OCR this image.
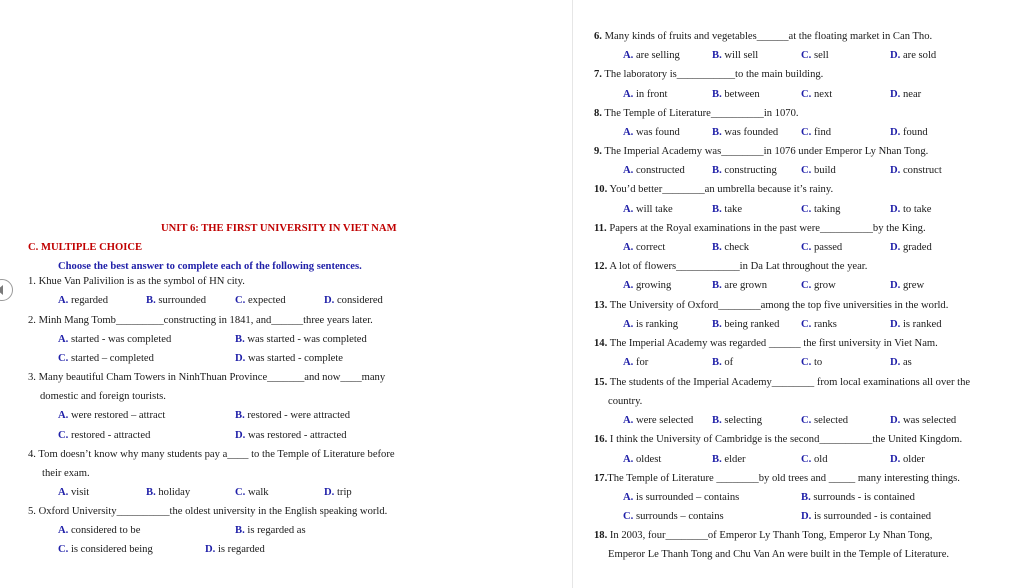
UNIT 6: THE FIRST UNIVERSITY IN VIET NAM
C. MULTIPLE CHOICE
Choose the best answer to complete each of the following sentences.
1. Khue Van Palivilion is as the symbol of HN city.
A. regarded	B. surrounded	C. expected	D. considered
2. Minh Mang Tomb_________constructing in 1841, and______three years later.
A. started - was completed	B. was started - was completed
C. started – completed	D. was started - complete
3. Many beautiful Cham Towers in NinhThuan Province_______and now____many
domestic and foreign tourists.
A. were restored – attract	B. restored - were attracted
C. restored - attracted	D. was restored - attracted
4. Tom doesn’t know why many students pay a____ to the Temple of Literature before
their exam.
A. visit	B. holiday	C. walk	D. trip
5. Oxford University__________the oldest university in the English speaking world.
A. considered to be	B. is regarded as
C. is considered being	D. is regarded
6. Many kinds of fruits and vegetables______at the floating market in Can Tho.
A. are selling	B. will sell	C. sell	D. are sold
7. The laboratory is___________to the main building.
A. in front	B. between	C. next	D. near
8. The Temple of Literature__________in 1070.
A. was found	B. was founded C. find	D. found
9. The Imperial Academy was________in 1076 under Emperor Ly Nhan Tong.
A. constructed	B. constructing C. build	D. construct
10. You’d better________an umbrella because it’s rainy.
A. will take	B. take	C. taking	D. to take
11. Papers at the Royal examinations in the past were__________by the King.
A. correct	B. check	C. passed	D. graded
12. A lot of flowers____________in Da Lat throughout the year.
A. growing	B. are grown	C. grow	D. grew
13. The University of Oxford________among the top five universities in the world.
A. is ranking	B. being ranked C. ranks	D. is ranked
14. The Imperial Academy was regarded ______ the first university in Viet Nam.
A. for	B. of	C. to	D. as
15. The students of the Imperial Academy________ from local examinations all over the
country.
A. were selected B. selecting	C. selected	D. was selected
16. I think the University of Cambridge is the second__________the United Kingdom.
A. oldest	B. elder	C. old	D. older
17.The Temple of Literature ________by old trees and _____ many interesting things.
A. is surrounded – contains	B. surrounds - is contained
C. surrounds – contains	D. is surrounded - is contained
18. In 2003, four________of Emperor Ly Thanh Tong, Emperor Ly Nhan Tong,
Emperor Le Thanh Tong and Chu Van An were built in the Temple of Literature.
